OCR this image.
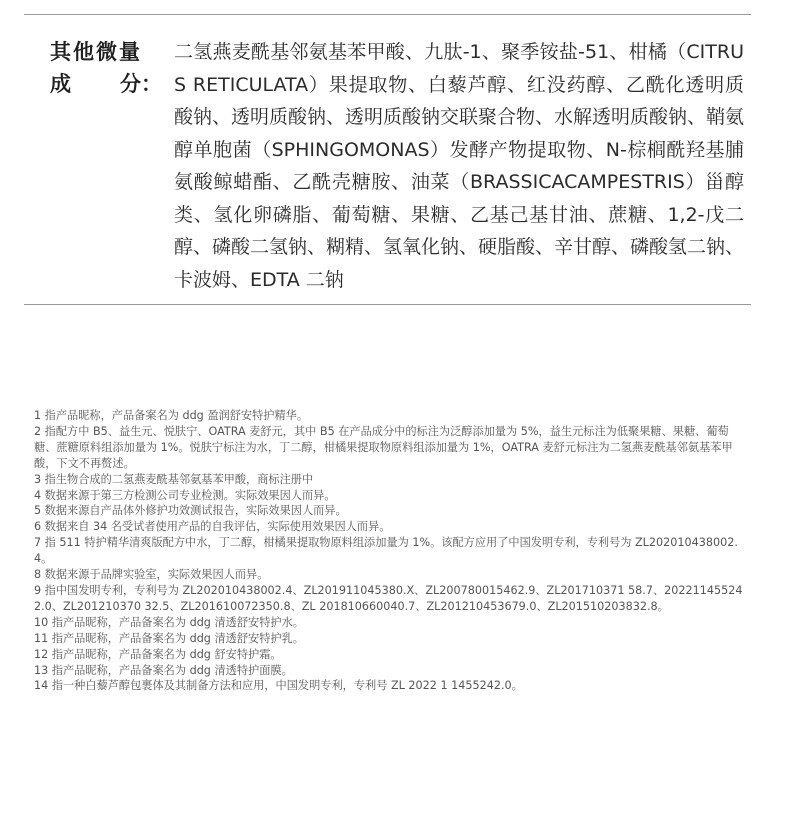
其他微量
成 分：
二氢燕麦酰基邻氨基苯甲酸、九肽-1、聚季铵盐-51、柑橘（CITRUS RETICULATA）果提取物、白藜芦醇、红没药醇、乙酰化透明质酸钠、透明质酸钠、透明质酸钠交联聚合物、水解透明质酸钠、鞘氨醇单胞菌（SPHINGOMONAS）发酵产物提取物、N-棕榈酰羟基脯氨酸鲸蜡酯、乙酰壳糖胺、油菜（BRASSICACAMPESTRIS）甾醇类、氢化卵磷脂、葡萄糖、果糖、乙基己基甘油、蔗糖、1,2-戊二醇、磷酸二氢钠、糊精、氢氧化钠、硬脂酸、辛甘醇、磷酸氢二钠、卡波姆、EDTA 二钠

1 指产品昵称，产品备案名为 ddg 盈润舒安特护精华。

2 指配方中 B5、益生元、悦肤宁、OATRA 麦舒元，其中 B5 在产品成分中的标注为泛醇添加量为 5%，益生元标注为低聚果糖、果糖、葡萄糖、蔗糖原料组添加量为 1%。悦肤宁标注为水，丁二醇，柑橘果提取物原料组添加量为 1%，OATRA 麦舒元标注为二氢燕麦酰基邻氨基苯甲酸，下文不再赘述。

3 指生物合成的二氢燕麦酰基邻氨基苯甲酸，商标注册中

4 数据来源于第三方检测公司专业检测。实际效果因人而异。

5 数据来源自产品体外修护功效测试报告，实际效果因人而异。

6 数据来自 34 名受试者使用产品的自我评估，实际使用效果因人而异。

7 指 511 特护精华清爽版配方中水，丁二醇，柑橘果提取物原料组添加量为 1%。该配方应用了中国发明专利，专利号为 ZL202010438002.4。

8 数据来源于品牌实验室，实际效果因人而异。

9 指中国发明专利，专利号为 ZL202010438002.4、ZL201911045380.X、ZL200780015462.9、ZL201710371 58.7、202211455242.0、ZL201210370 32.5、ZL201610072350.8、ZL 201810660040.7、ZL201210453679.0、ZL201510203832.8。

10 指产品昵称，产品备案名为 ddg 清透舒安特护水。

11 指产品昵称，产品备案名为 ddg 清透舒安特护乳。

12 指产品昵称，产品备案名为 ddg 舒安特护霜。

13 指产品昵称，产品备案名为 ddg 清透特护面膜。

14 指一种白藜芦醇包裹体及其制备方法和应用，中国发明专利，专利号 ZL 2022 1 1455242.0。
